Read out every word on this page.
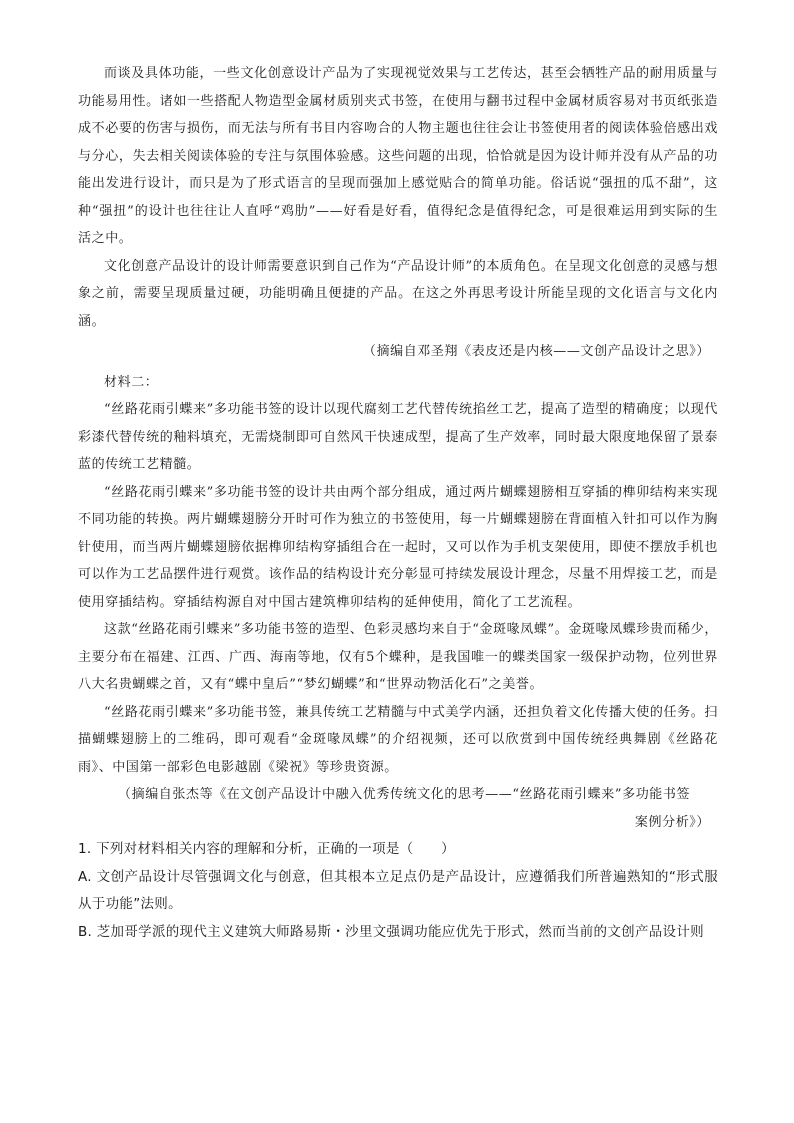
而谈及具体功能，一些文化创意设计产品为了实现视觉效果与工艺传达，甚至会牺牲产品的耐用质量与功能易用性。诸如一些搭配人物造型金属材质别夹式书签，在使用与翻书过程中金属材质容易对书页纸张造成不必要的伤害与损伤，而无法与所有书目内容吻合的人物主题也往往会让书签使用者的阅读体验倍感出戏与分心，失去相关阅读体验的专注与氛围体验感。这些问题的出现，恰恰就是因为设计师并没有从产品的功能出发进行设计，而只是为了形式语言的呈现而强加上感觉贴合的简单功能。俗话说“强扭的瓜不甜”，这种“强扭”的设计也往往让人直呼“鸡肋”——好看是好看，值得纪念是值得纪念，可是很难运用到实际的生活之中。

文化创意产品设计的设计师需要意识到自己作为“产品设计师”的本质角色。在呈现文化创意的灵感与想象之前，需要呈现质量过硬，功能明确且便捷的产品。在这之外再思考设计所能呈现的文化语言与文化内涵。

（摘编自邓圣翔《表皮还是内核——文创产品设计之思》）

材料二：

“丝路花雨引蝶来”多功能书签的设计以现代腐刻工艺代替传统掐丝工艺，提高了造型的精确度；以现代彩漆代替传统的釉料填充，无需烧制即可自然风干快速成型，提高了生产效率，同时最大限度地保留了景泰蓝的传统工艺精髓。

“丝路花雨引蝶来”多功能书签的设计共由两个部分组成，通过两片蝴蝶翅膀相互穿插的榫卯结构来实现不同功能的转换。两片蝴蝶翅膀分开时可作为独立的书签使用，每一片蝴蝶翅膀在背面植入针扣可以作为胸针使用，而当两片蝴蝶翅膀依据榫卯结构穿插组合在一起时，又可以作为手机支架使用，即使不摆放手机也可以作为工艺品摆件进行观赏。该作品的结构设计充分彰显可持续发展设计理念，尽量不用焊接工艺，而是使用穿插结构。穿插结构源自对中国古建筑榫卯结构的延伸使用，简化了工艺流程。

这款“丝路花雨引蝶来”多功能书签的造型、色彩灵感均来自于“金斑喙凤蝶”。金斑喙凤蝶珍贵而稀少，主要分布在福建、江西、广西、海南等地，仅有5个蝶种，是我国唯一的蝶类国家一级保护动物，位列世界八大名贵蝴蝶之首，又有“蝶中皇后”“梦幻蝴蝶”和“世界动物活化石”之美誉。

“丝路花雨引蝶来”多功能书签，兼具传统工艺精髓与中式美学内涵，还担负着文化传播大使的任务。扫描蝴蝶翅膀上的二维码，即可观看“金斑喙凤蝶”的介绍视频，还可以欣赏到中国传统经典舞剧《丝路花雨》、中国第一部彩色电影越剧《梁祝》等珍贵资源。

（摘编自张杰等《在文创产品设计中融入优秀传统文化的思考——“丝路花雨引蝶来”多功能书签

案例分析》）

1. 下列对材料相关内容的理解和分析，正确的一项是（　　）

A. 文创产品设计尽管强调文化与创意，但其根本立足点仍是产品设计，应遵循我们所普遍熟知的“形式服从于功能”法则。

B. 芝加哥学派的现代主义建筑大师路易斯・沙里文强调功能应优先于形式，然而当前的文创产品设计则
